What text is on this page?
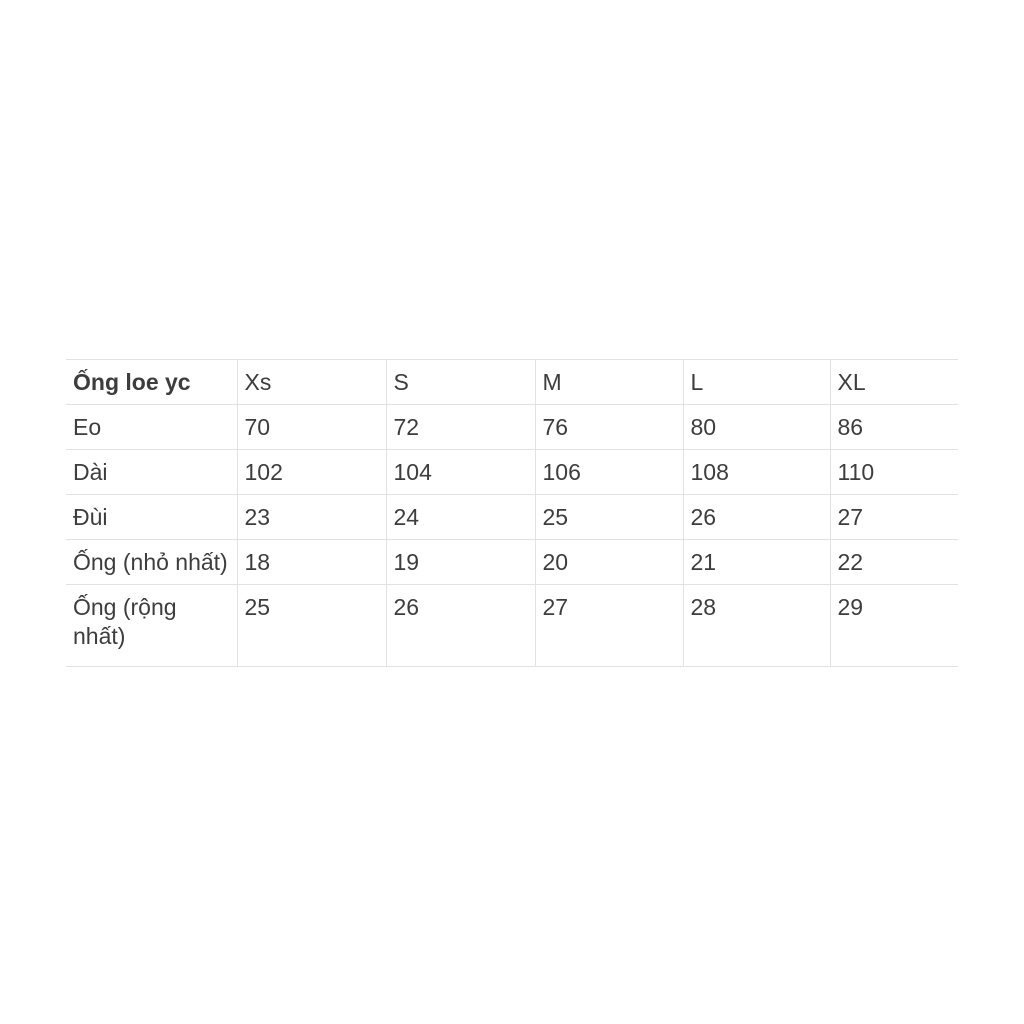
Ống loe yc	Xs	S	M	L	XL
Eo	70	72	76	80	86
Dài	102	104	106	108	110
Đùi	23	24	25	26	27
Ống (nhỏ nhất)	18	19	20	21	22
Ống (rộng nhất)	25	26	27	28	29
